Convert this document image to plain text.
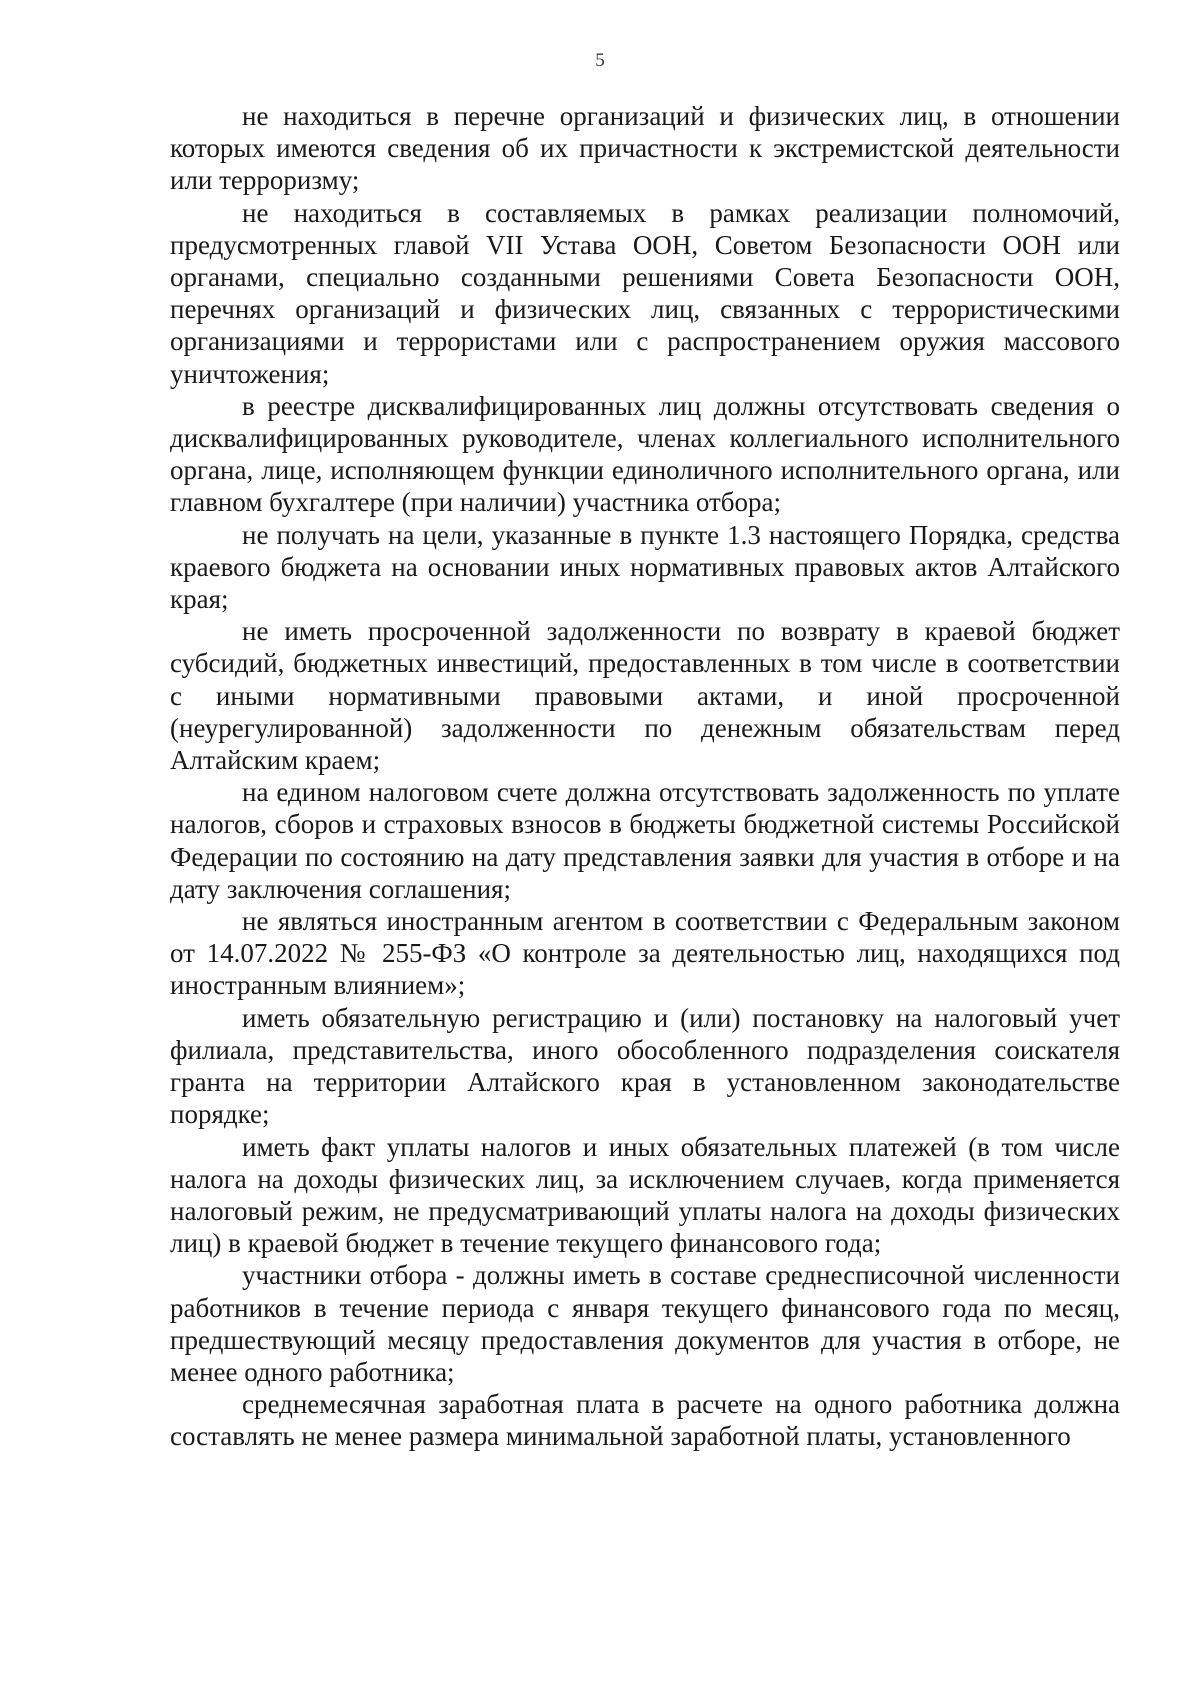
5

не находиться в перечне организаций и физических лиц, в отношении которых имеются сведения об их причастности к экстремистской деятельности или терроризму;

не находиться в составляемых в рамках реализации полномочий, предусмотренных главой VII Устава ООН, Советом Безопасности ООН или органами, специально созданными решениями Совета Безопасности ООН, перечнях организаций и физических лиц, связанных с террористическими организациями и террористами или с распространением оружия массового уничтожения;

в реестре дисквалифицированных лиц должны отсутствовать сведения о дисквалифицированных руководителе, членах коллегиального исполнительного органа, лице, исполняющем функции единоличного исполнительного органа, или главном бухгалтере (при наличии) участника отбора;

не получать на цели, указанные в пункте 1.3 настоящего Порядка, средства краевого бюджета на основании иных нормативных правовых актов Алтайского края;

не иметь просроченной задолженности по возврату в краевой бюджет субсидий, бюджетных инвестиций, предоставленных в том числе в соответствии с иными нормативными правовыми актами, и иной просроченной (неурегулированной) задолженности по денежным обязательствам перед Алтайским краем;

на едином налоговом счете должна отсутствовать задолженность по уплате налогов, сборов и страховых взносов в бюджеты бюджетной системы Российской Федерации по состоянию на дату представления заявки для участия в отборе и на дату заключения соглашения;

не являться иностранным агентом в соответствии с Федеральным законом от 14.07.2022 № 255-ФЗ «О контроле за деятельностью лиц, находящихся под иностранным влиянием»;

иметь обязательную регистрацию и (или) постановку на налоговый учет филиала, представительства, иного обособленного подразделения соискателя гранта на территории Алтайского края в установленном законодательстве порядке;

иметь факт уплаты налогов и иных обязательных платежей (в том числе налога на доходы физических лиц, за исключением случаев, когда применяется налоговый режим, не предусматривающий уплаты налога на доходы физических лиц) в краевой бюджет в течение текущего финансового года;

участники отбора - должны иметь в составе среднесписочной численности работников в течение периода с января текущего финансового года по месяц, предшествующий месяцу предоставления документов для участия в отборе, не менее одного работника;

среднемесячная заработная плата в расчете на одного работника должна составлять не менее размера минимальной заработной платы, установленного
